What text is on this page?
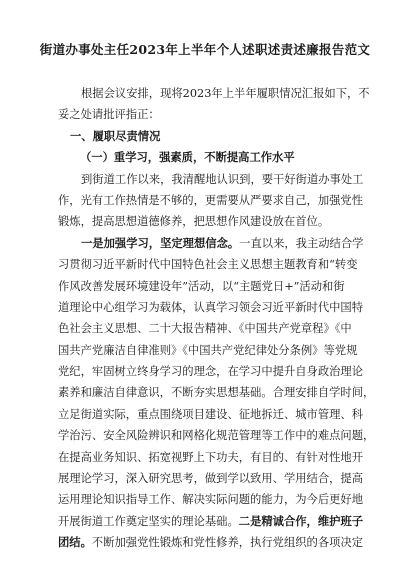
街道办事处主任2023年上半年个人述职述责述廉报告范文
根据会议安排，现将2023年上半年履职情况汇报如下，不
妥之处请批评指正：
一、履职尽责情况
（一）重学习，强素质，不断提高工作水平
到街道工作以来，我清醒地认识到，要干好街道办事处工
作，光有工作热情是不够的，更需要从严要求自己，加强党性
锻炼，提高思想道德修养，把思想作风建设放在首位。
一是加强学习，坚定理想信念。一直以来，我主动结合学
习贯彻习近平新时代中国特色社会主义思想主题教育和“转变
作风改善发展环境建设年”活动，以“主题党日+”活动和街
道理论中心组学习为载体，认真学习领会习近平新时代中国特
色社会主义思想、二十大报告精神、《中国共产党章程》《中
国共产党廉洁自律准则》《中国共产党纪律处分条例》等党规
党纪，牢固树立终身学习的理念，在学习中提升自身政治理论
素养和廉洁自律意识，不断夯实思想基础。合理安排自学时间，
立足街道实际，重点围绕项目建设、征地拆迁、城市管理、科
学治污、安全风险辨识和网格化规范管理等工作中的难点问题，
在提高业务知识、拓宽视野上下功夫，有目的、有针对性地开
展理论学习，深入研究思考，做到学以致用、学用结合，提高
运用理论知识指导工作、解决实际问题的能力，为今后更好地
开展街道工作奠定坚实的理论基础。二是精诚合作，维护班子
团结。不断加强党性锻炼和党性修养，执行党组织的各项决定
